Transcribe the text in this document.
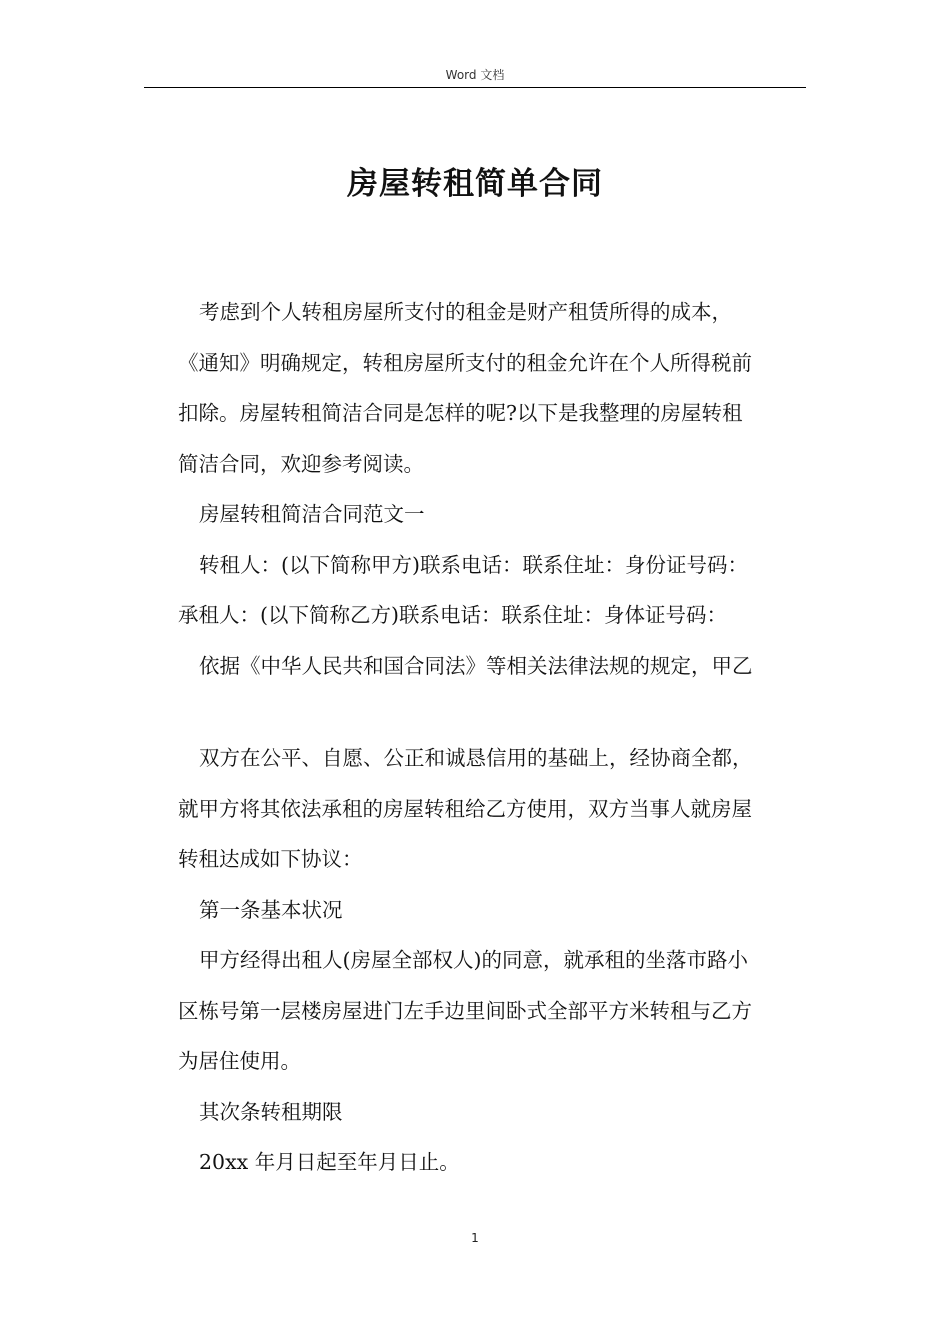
Word 文档
房屋转租简单合同

考虑到个人转租房屋所支付的租金是财产租赁所得的成本，

《通知》明确规定，转租房屋所支付的租金允许在个人所得税前

扣除。房屋转租简洁合同是怎样的呢?以下是我整理的房屋转租

简洁合同，欢迎参考阅读。

房屋转租简洁合同范文一

转租人：(以下简称甲方)联系电话：联系住址：身份证号码：

承租人：(以下简称乙方)联系电话：联系住址：身体证号码：

依据《中华人民共和国合同法》等相关法律法规的规定，甲乙

双方在公平、自愿、公正和诚恳信用的基础上，经协商全都，

就甲方将其依法承租的房屋转租给乙方使用，双方当事人就房屋

转租达成如下协议：

第一条基本状况

甲方经得出租人(房屋全部权人)的同意，就承租的坐落市路小

区栋号第一层楼房屋进门左手边里间卧式全部平方米转租与乙方

为居住使用。

其次条转租期限

20xx 年月日起至年月日止。

1
